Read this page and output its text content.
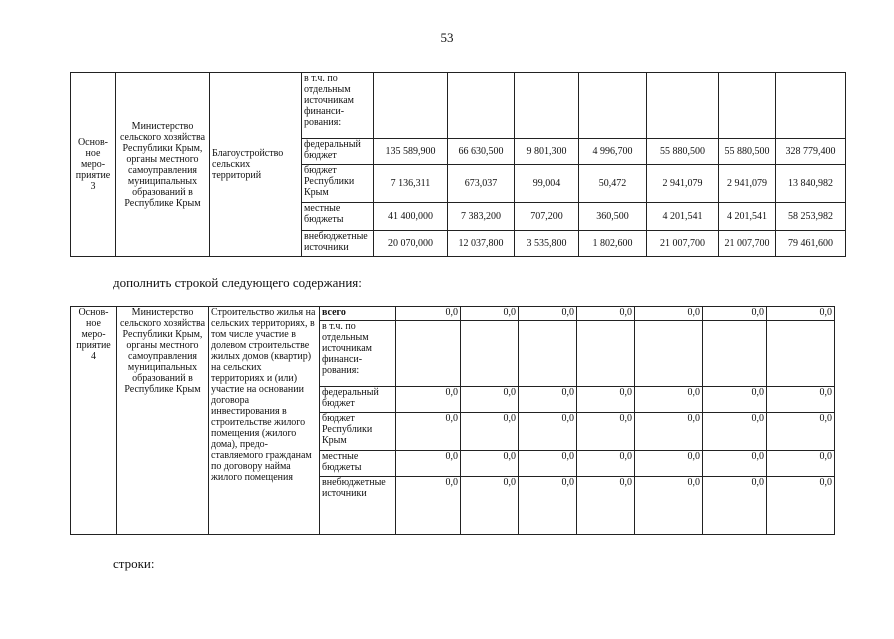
53
Основ-ное меро-приятие 3	Министерство сельского хозяйства Республики Крым, органы местного самоуправления муниципальных образований в Республике Крым	Благоустройство сельских территорий	в т.ч. по отдельным источникам финанси-рования:							
			федеральный бюджет	135 589,900	66 630,500	9 801,300	4 996,700	55 880,500	55 880,500	328 779,400
			бюджет Республики Крым	7 136,311	673,037	99,004	50,472	2 941,079	2 941,079	13 840,982
			местные бюджеты	41 400,000	7 383,200	707,200	360,500	4 201,541	4 201,541	58 253,982
			внебюджетные источники	20 070,000	12 037,800	3 535,800	1 802,600	21 007,700	21 007,700	79 461,600
дополнить строкой следующего содержания:
Основ-ное меро-приятие 4	Министерство сельского хозяйства Республики Крым, органы местного самоуправления муниципальных образований в Республике Крым	Строительство жилья на сельских территориях, в том числе участие в долевом строительстве жилых домов (квартир) на сельских территориях и (или) участие на основании договора инвестирования в строительстве жилого помещения (жилого дома), предо-ставляемого гражданам по договору найма жилого помещения	всего	0,0	0,0	0,0	0,0	0,0	0,0	0,0
			в т.ч. по отдельным источникам финанси-рования:							
			федеральный бюджет	0,0	0,0	0,0	0,0	0,0	0,0	0,0
			бюджет Республики Крым	0,0	0,0	0,0	0,0	0,0	0,0	0,0
			местные бюджеты	0,0	0,0	0,0	0,0	0,0	0,0	0,0
			внебюджетные источники	0,0	0,0	0,0	0,0	0,0	0,0	0,0
строки:
